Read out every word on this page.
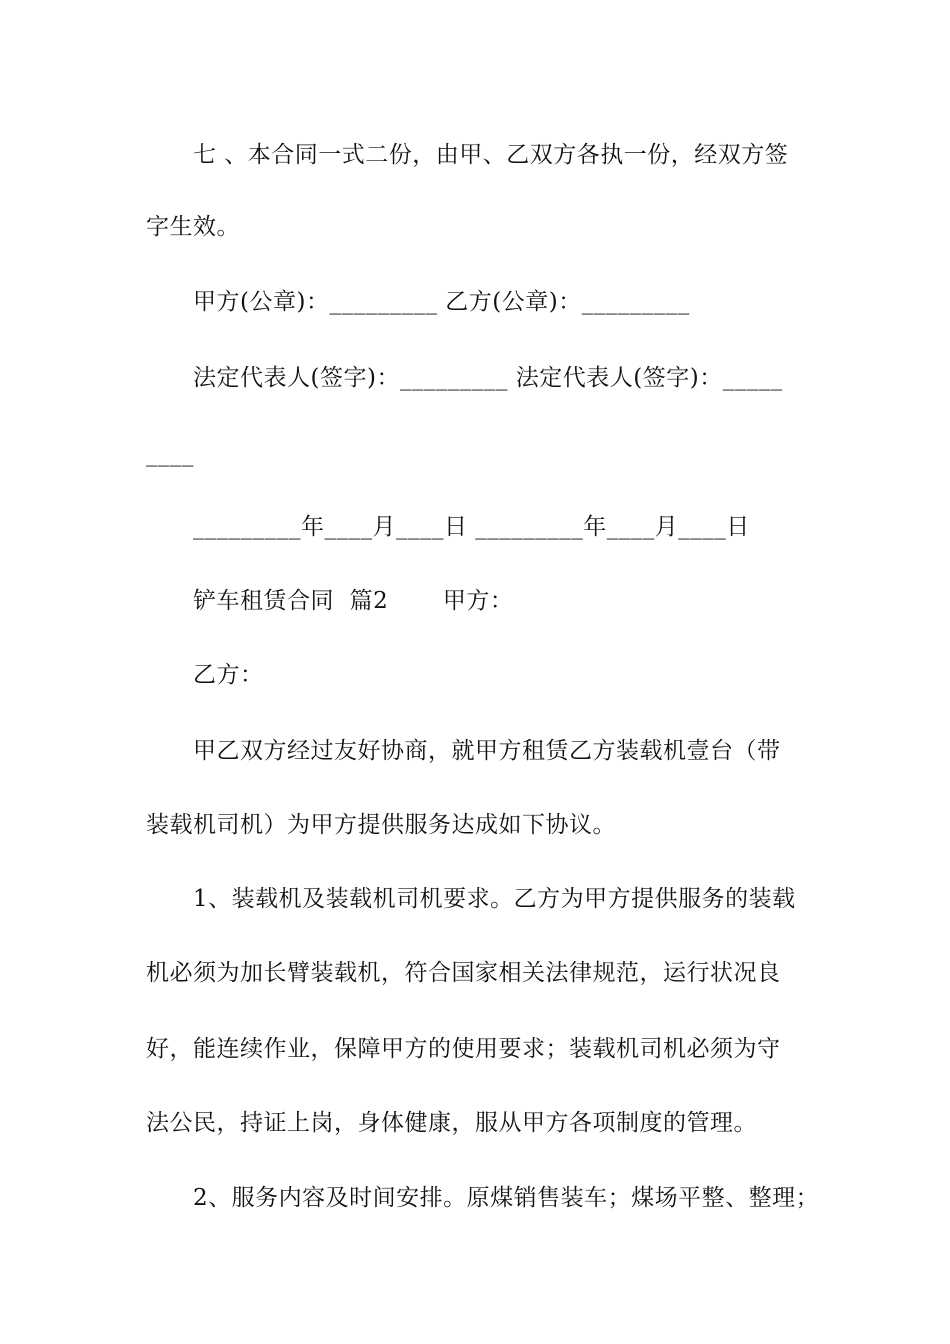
七 、本合同一式二份，由甲、乙双方各执一份，经双方签
字生效。
甲方(公章)：_________ 乙方(公章)：_________
法定代表人(签字)：_________ 法定代表人(签字)：_____
____
_________年____月____日 _________年____月____日
铲车租赁合同  篇2       甲方：
乙方：
甲乙双方经过友好协商，就甲方租赁乙方装载机壹台（带
装载机司机）为甲方提供服务达成如下协议。
1、装载机及装载机司机要求。乙方为甲方提供服务的装载
机必须为加长臂装载机，符合国家相关法律规范，运行状况良
好，能连续作业，保障甲方的使用要求；装载机司机必须为守
法公民，持证上岗，身体健康，服从甲方各项制度的管理。
2、服务内容及时间安排。原煤销售装车；煤场平整、整理；
